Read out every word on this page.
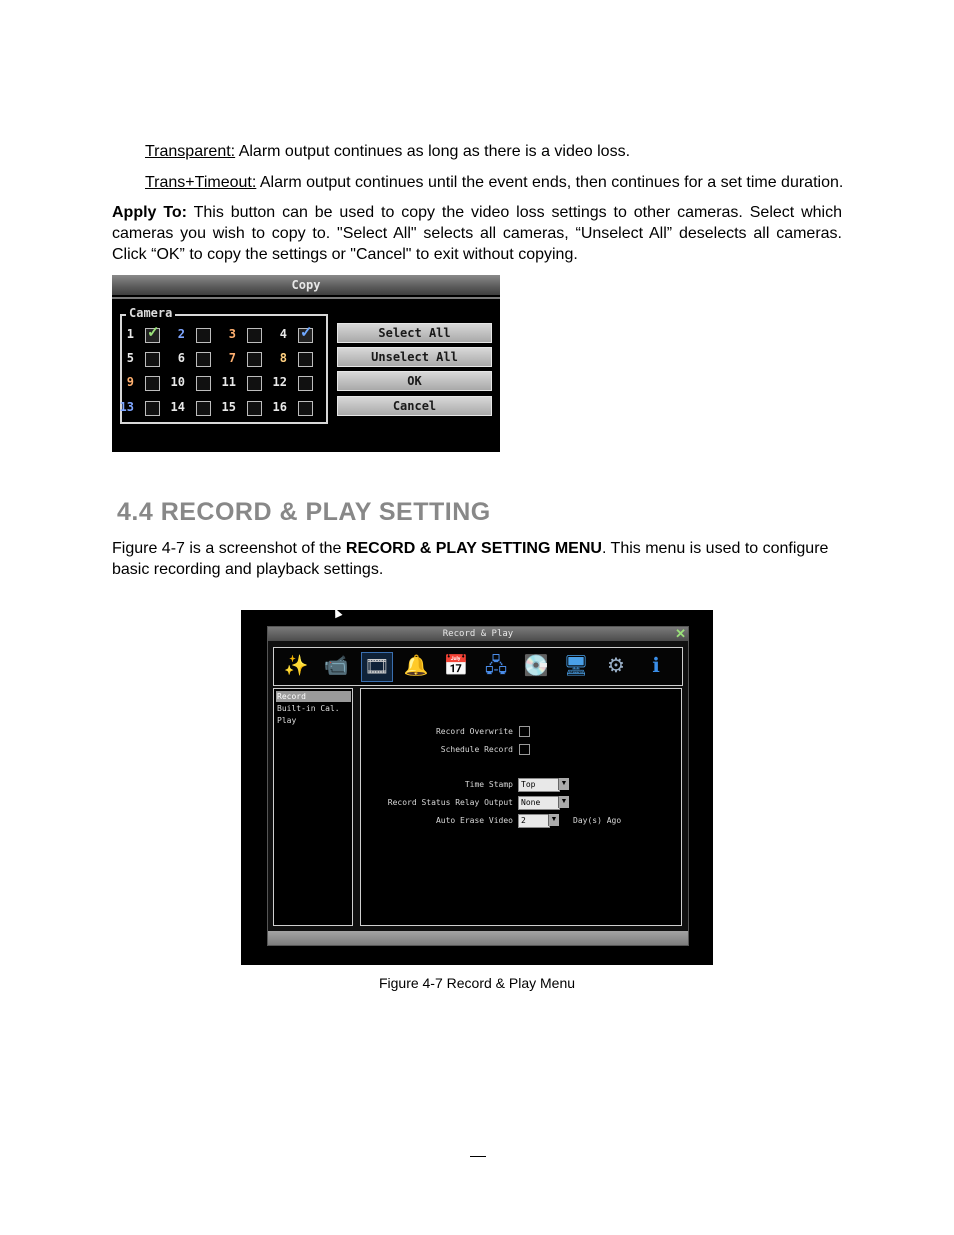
Transparent: Alarm output continues as long as there is a video loss.
Trans+Timeout: Alarm output continues until the event ends, then continues for a set time duration.
Apply To: This button can be used to copy the video loss settings to other cameras. Select which cameras you wish to copy to. "Select All" selects all cameras, “Unselect All” deselects all cameras. Click “OK” to copy the settings or "Cancel" to exit without copying.
Copy
Camera
Select All
Unselect All
OK
Cancel
1 ✓	2	3	4 ✓
5	6	7	8
9	10	11	12
13	14	15	16
4.4 RECORD & PLAY SETTING
Figure 4-7 is a screenshot of the RECORD & PLAY SETTING MENU. This menu is used to configure basic recording and playback settings.
Record & Play	✕
✨ 📹 🎞 🔔 📅 🖧 💽 🖥 ⚙	ℹ
Record
Built-in Cal.
Play
Record Overwrite
Schedule Record
Time Stamp	Top	▼
Record Status Relay Output	None	▼
Auto Erase Video	2	▼ Day(s) Ago
Figure 4-7 Record & Play Menu
